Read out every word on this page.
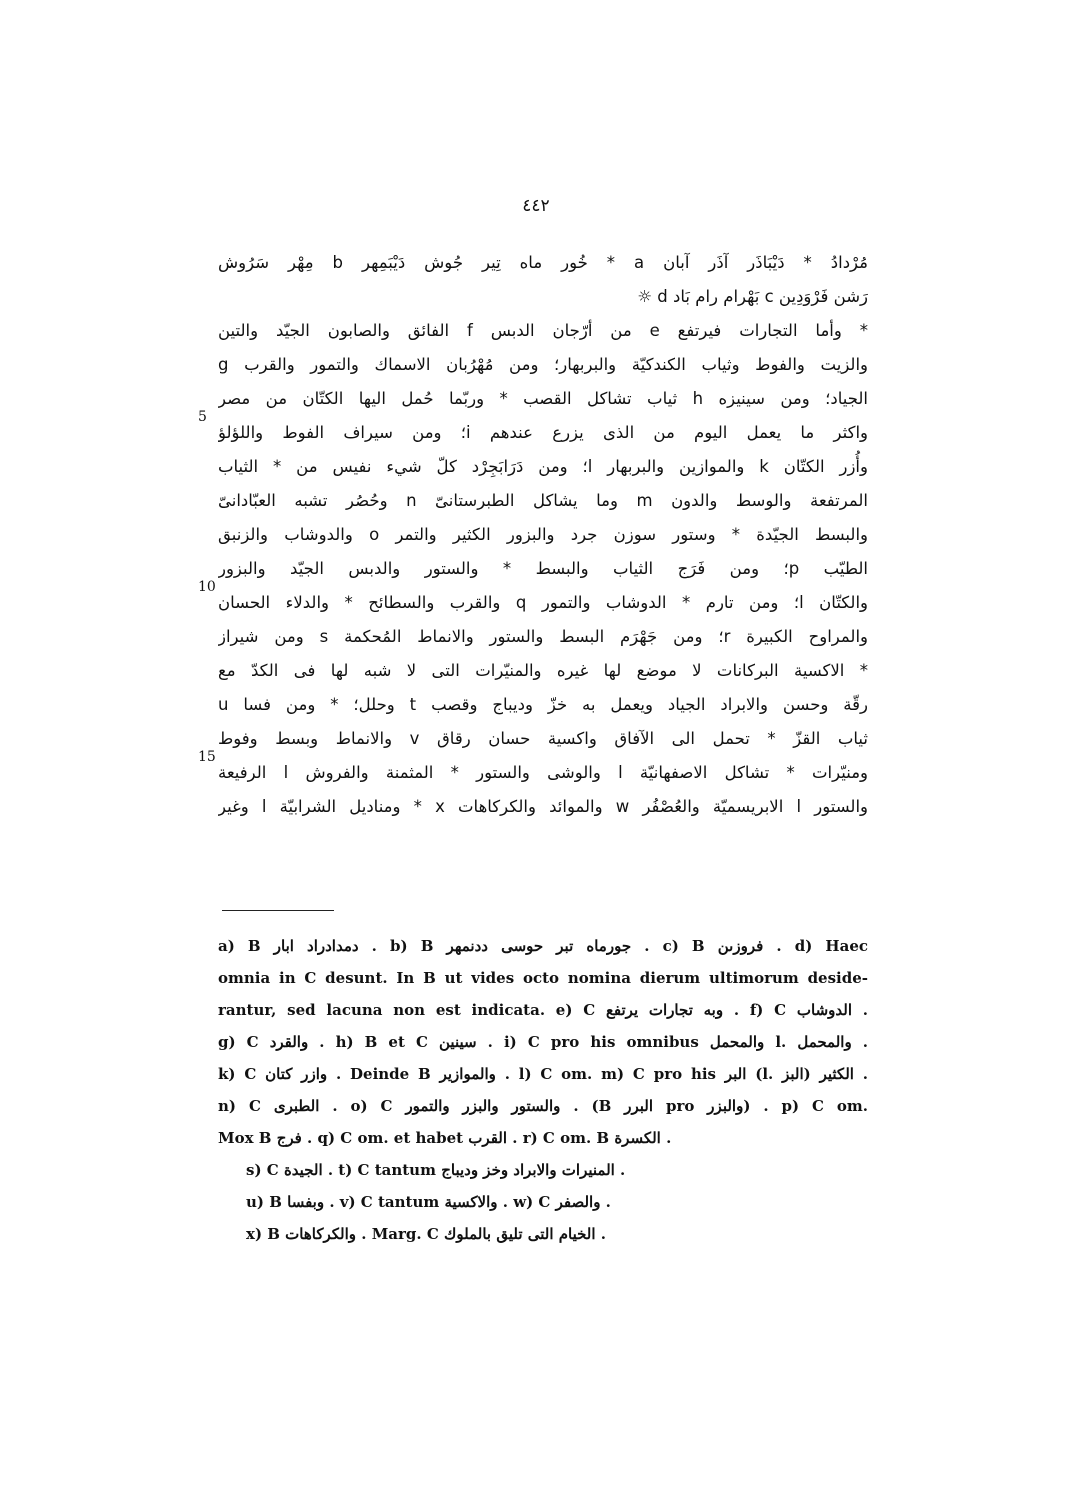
٤٤٢
مُرْدادُ * دَيْبَاذَر آذَر آبان a * خُور ماه تِير جُوش دَيْبَمِهر b مِهْر سَرُوش
رَشن فَرْوَدِين c بَهْرام رام بَاد d ☼
* وأما التجارات فيرتفع e من أرّجان الدبس f الفائق والصابون الجيّد والتين
والزيت والفوط وثياب الكندكيّة والبربهار؛ ومن مُهْرُبان الاسماك والتمور والقرب g
الجياد؛ ومن سينيزه h ثياب تشاكل القصب * وربّما حُمل اليها الكتّان من مصر
واكثر ما يعمل اليوم من الذى يزرع عندهم i؛ ومن سيراف الفوط واللؤلؤ
وأُزر الكتّان k والموازين والبربهار l؛ ومن دَرَابَجِرْد كلّ شيء نفيس من * الثياب
المرتفعة والوسط والدون m وما يشاكل الطبرستانىّ n وحُصُر تشبه العبّادانىّ
والبسط الجيّدة * وستور سوزن جرد والبزور الكثير والتمر o والدوشاب والزنبق
الطيّب p؛ ومن فَرَج الثياب والبسط * والستور والدبس الجيّد والبزور
والكتّان l؛ ومن تارم * الدوشاب والتمور q والقرب والسطائح * والدلاء الحسان
والمراوح الكبيرة r؛ ومن جَهْرَم البسط والستور والانماط المُحكمة s ومن شيراز
* الاكسية البركانات لا موضع لها غيره والمنيّرات التى لا شبه لها فى الكدّ مع
رقّة وحسن والابراد الجياد ويعمل به خزّ وديباج وقصب t وحلل؛ * ومن فسا u
ثياب القزّ * تحمل الى الآفاق واكسية حسان رقاق v والانماط وبسط وفوط
ومنيّرات * تشاكل الاصفهانيّة l والوشى والستور * المثمنة والفروش l الرفيعة
والستور l الابريسميّة والعُصْفُر w والموائد والكركاهات x * ومناديل الشرابيّة l وغير
5
10
15
a) B دمدادراد ابار . b) B جورماه تبر حوسى ددنمهر . c) B فروزىن . d) Haec
omnia in C desunt. In B ut vides octo nomina dierum ultimorum deside-
rantur, sed lacuna non est indicata. e) C وبه تجارات يرتفع . f) C الدوشاب .
g) C والقرد . h) B et C سينين . i) C pro his omnibus والمحمل l. والمحمل .
k) C وازر كتان . Deinde B والموازير . l) C om. m) C pro his البر (l. البز) الكثير .
n) C الطبرى . o) C والستور والبزر والتمور . (B البرر pro والبزر) . p) C om.
Mox B فرج . q) C om. et habet القرب . r) C om. B الكسرة .
s) C الجيدة . t) C tantum المنيرات والابراد وخز وديباج .
u) B وبفسا . v) C tantum والاكسية . w) C والصفر .
x) B والكركاهات . Marg. C الخيام التى تليق بالملوك .
